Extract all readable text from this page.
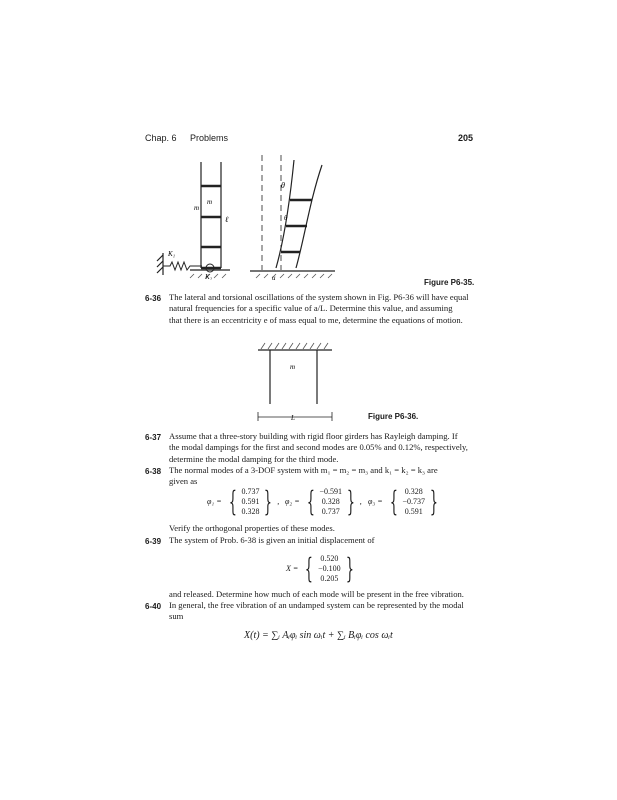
Chap. 6 Problems	205
m
m
ℓ
K₁
K₂
θ
θ
u	Figure P6-35.
6-36 The lateral and torsional oscillations of the system shown in Fig. P6-36 will have equal
natural frequencies for a specific value of a/L. Determine this value, and assuming
that there is an eccentricity e of mass equal to me, determine the equations of motion.
m
L	Figure P6-36.
6-37 Assume that a three-story building with rigid floor girders has Rayleigh damping. If
the modal dampings for the first and second modes are 0.05% and 0.12%, respectively,
determine the modal damping for the third mode.
6-38 The normal modes of a 3-DOF system with m₁ = m₂ = m₃ and k₁ = k₂ = k₃ are
given as
φ₁ = { 0.737
0.591
0.328 } , φ₂ = { −0.591
0.328
0.737 } , φ₃ = { 0.328
−0.737
0.591 }
Verify the orthogonal properties of these modes.
6-39 The system of Prob. 6-38 is given an initial displacement of
X = { 0.520
−0.100
0.205 }
and released. Determine how much of each mode will be present in the free vibration.
6-40 In general, the free vibration of an undamped system can be represented by the modal
sum
X(t) = ∑ᵢ Aᵢφᵢ sin ωᵢt + ∑ᵢ Bᵢφᵢ cos ωᵢt
